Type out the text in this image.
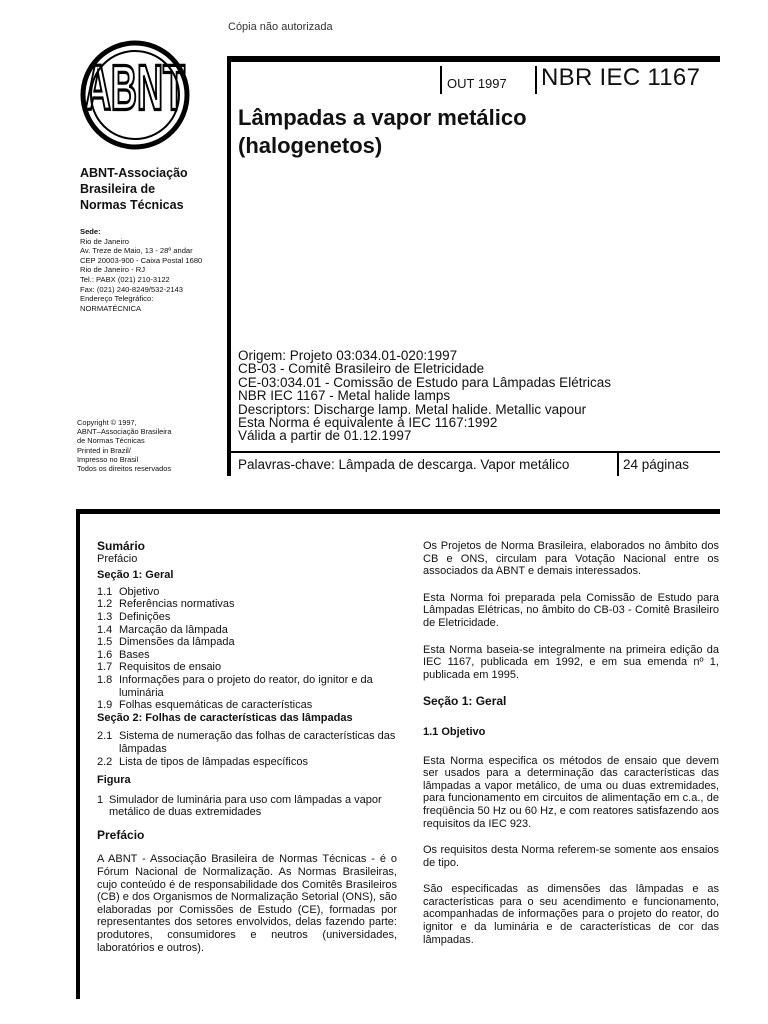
Cópia não autorizada
ABNT
ABNT-Associação
Brasileira de
Normas Técnicas
Sede:
Rio de Janeiro
Av. Treze de Maio, 13 - 28º andar
CEP 20003-900 - Caixa Postal 1680
Rio de Janeiro - RJ
Tel.: PABX (021) 210-3122
Fax: (021) 240-8249/532-2143
Endereço Telegráfico:
NORMATÉCNICA
Copyright © 1997,
ABNT–Associação Brasileira
de Normas Técnicas
Printed in Brazil/
Impresso no Brasil
Todos os direitos reservados
OUT 1997 NBR IEC 1167
Lâmpadas a vapor metálico
(halogenetos)
Origem: Projeto 03:034.01-020:1997
CB-03 - Comitê Brasileiro de Eletricidade
CE-03:034.01 - Comissão de Estudo para Lâmpadas Elétricas
NBR IEC 1167 - Metal halide lamps
Descriptors: Discharge lamp. Metal halide. Metallic vapour
Esta Norma é equivalente à IEC 1167:1992
Válida a partir de 01.12.1997
Palavras-chave: Lâmpada de descarga. Vapor metálico	24 páginas
Sumário
Prefácio
Seção 1: Geral
1.1 Objetivo
1.2 Referências normativas
1.3 Definições
1.4 Marcação da lâmpada
1.5 Dimensões da lâmpada
1.6 Bases
1.7 Requisitos de ensaio
1.8 Informações para o projeto do reator, do ignitor e da luminária
1.9 Folhas esquemáticas de características
Seção 2: Folhas de características das lâmpadas
2.1 Sistema de numeração das folhas de características das lâmpadas
2.2 Lista de tipos de lâmpadas específicos
Figura
1 Simulador de luminária para uso com lâmpadas a vapor metálico de duas extremidades
Prefácio
A ABNT - Associação Brasileira de Normas Técnicas - é o Fórum Nacional de Normalização. As Normas Brasileiras, cujo conteúdo é de responsabilidade dos Comitês Brasileiros (CB) e dos Organismos de Normalização Setorial (ONS), são elaboradas por Comissões de Estudo (CE), formadas por representantes dos setores envolvidos, delas fazendo parte: produtores, consumidores e neutros (universidades, laboratórios e outros).
Os Projetos de Norma Brasileira, elaborados no âmbito dos CB e ONS, circulam para Votação Nacional entre os associados da ABNT e demais interessados.
Esta Norma foi preparada pela Comissão de Estudo para Lâmpadas Elétricas, no âmbito do CB-03 - Comitê Brasileiro de Eletricidade.
Esta Norma baseia-se integralmente na primeira edição da IEC 1167, publicada em 1992, e em sua emenda nº 1, publicada em 1995.
Seção 1: Geral
1.1 Objetivo
Esta Norma especifica os métodos de ensaio que devem ser usados para a determinação das características das lâmpadas a vapor metálico, de uma ou duas extremidades, para funcionamento em circuitos de alimentação em c.a., de freqüência 50 Hz ou 60 Hz, e com reatores satisfazendo aos requisitos da IEC 923.
Os requisitos desta Norma referem-se somente aos ensaios de tipo.
São especificadas as dimensões das lâmpadas e as características para o seu acendimento e funcionamento, acompanhadas de informações para o projeto do reator, do ignitor e da luminária e de características de cor das lâmpadas.
